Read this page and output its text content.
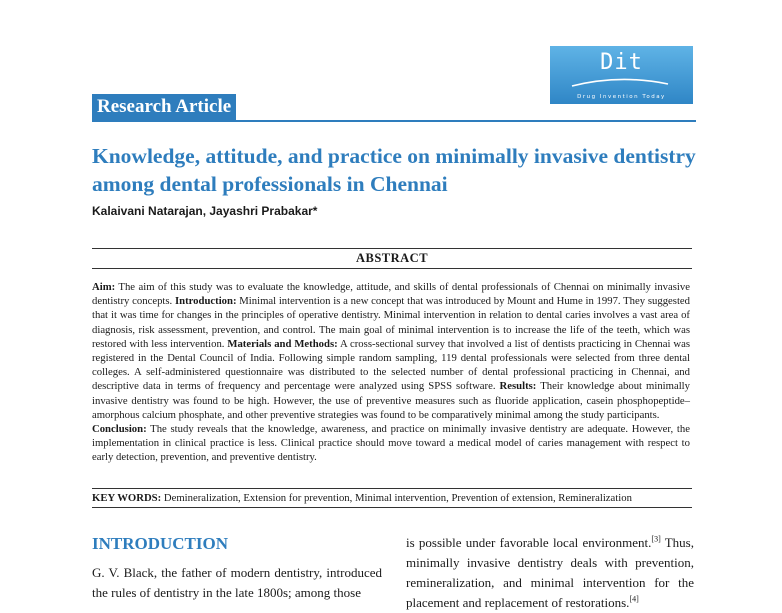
Dit
Drug Invention Today
Research Article
Knowledge, attitude, and practice on minimally invasive dentistry among dental professionals in Chennai
Kalaivani Natarajan, Jayashri Prabakar*
ABSTRACT
Aim: The aim of this study was to evaluate the knowledge, attitude, and skills of dental professionals of Chennai on minimally invasive dentistry concepts. Introduction: Minimal intervention is a new concept that was introduced by Mount and Hume in 1997. They suggested that it was time for changes in the principles of operative dentistry. Minimal intervention in relation to dental caries involves a vast area of diagnosis, risk assessment, prevention, and control. The main goal of minimal intervention is to increase the life of the teeth, which was restored with less intervention. Materials and Methods: A cross-sectional survey that involved a list of dentists practicing in Chennai was registered in the Dental Council of India. Following simple random sampling, 119 dental professionals were selected from three dental colleges. A self-administered questionnaire was distributed to the selected number of dental professional practicing in Chennai, and descriptive data in terms of frequency and percentage were analyzed using SPSS software. Results: Their knowledge about minimally invasive dentistry was found to be high. However, the use of preventive measures such as fluoride application, casein phosphopeptide– amorphous calcium phosphate, and other preventive strategies was found to be comparatively minimal among the study participants.
Conclusion: The study reveals that the knowledge, awareness, and practice on minimally invasive dentistry are adequate. However, the implementation in clinical practice is less. Clinical practice should move toward a medical model of caries management with respect to early detection, prevention, and preventive dentistry.
KEY WORDS: Demineralization, Extension for prevention, Minimal intervention, Prevention of extension, Remineralization
INTRODUCTION
G. V. Black, the father of modern dentistry, introduced the rules of dentistry in the late 1800s; among those
is possible under favorable local environment.[3] Thus, minimally invasive dentistry deals with prevention, remineralization, and minimal intervention for the placement and replacement of restorations.[4]
